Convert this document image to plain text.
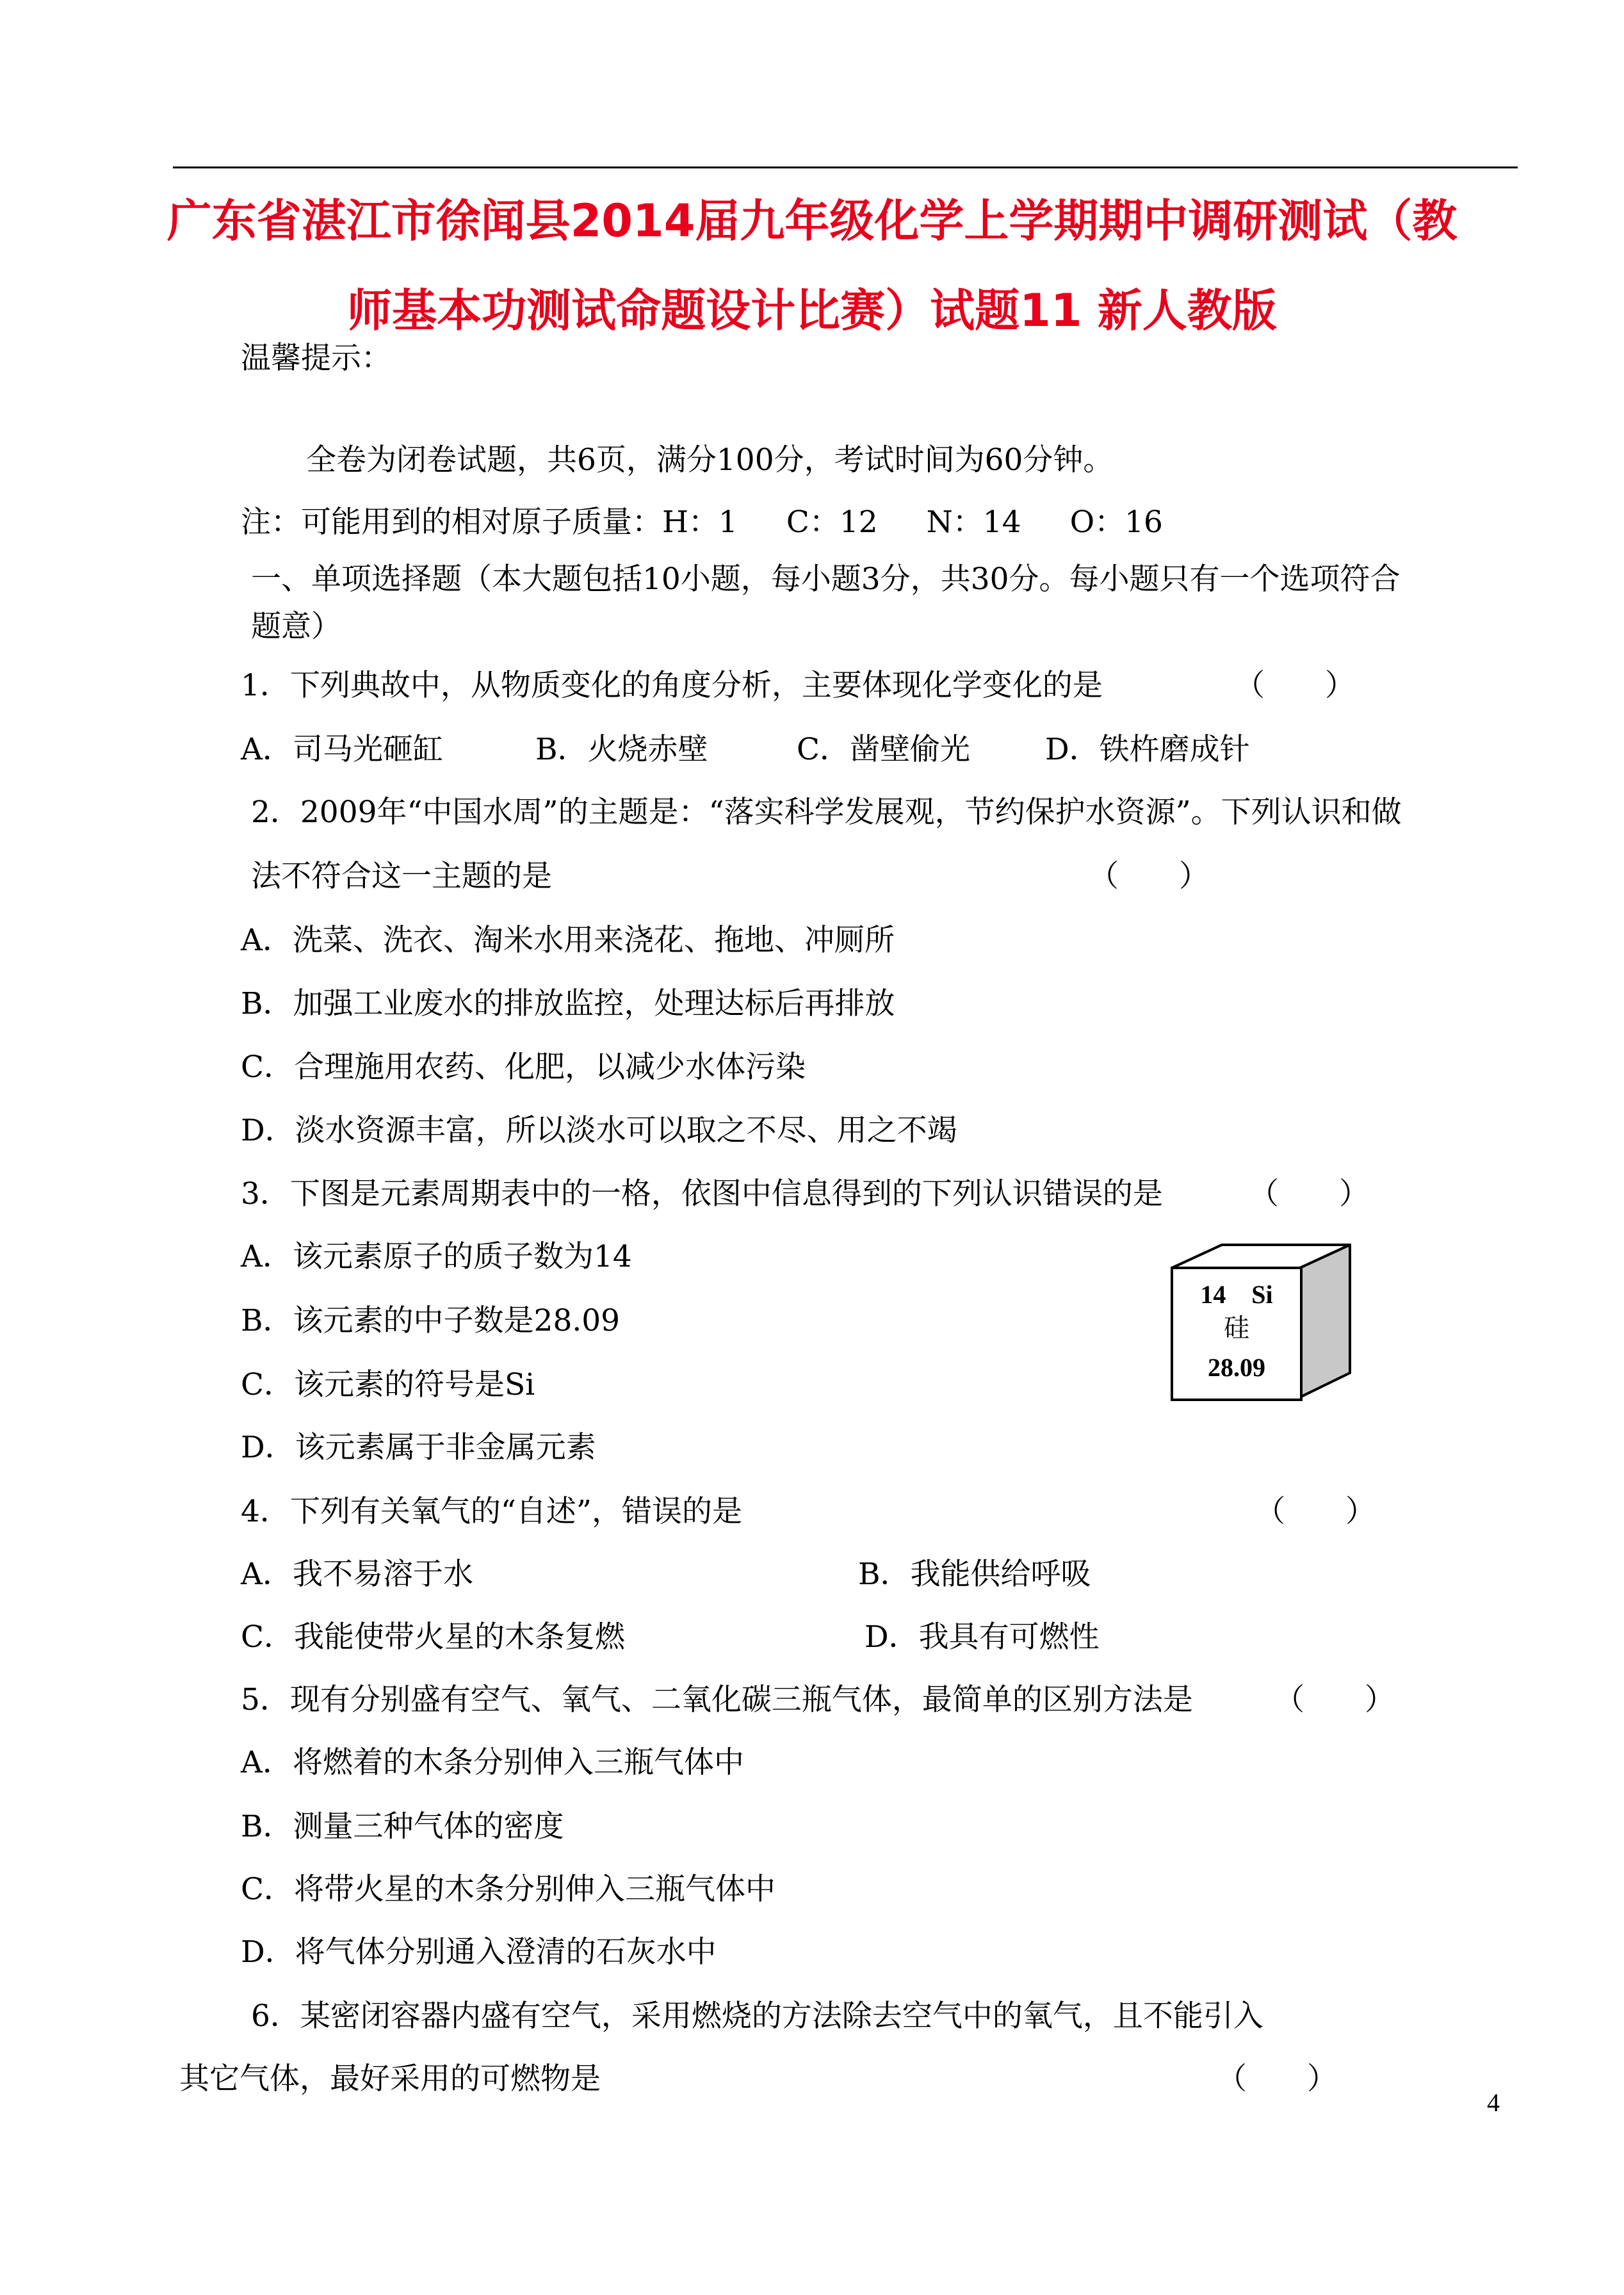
广东省湛江市徐闻县2014届九年级化学上学期期中调研测试（教
师基本功测试命题设计比赛）试题11 新人教版
温馨提示：
全卷为闭卷试题，共6页，满分100分，考试时间为60分钟。
注：可能用到的相对原子质量：H：1 C：12 N：14 O：16
一、单项选择题（本大题包括10小题，每小题3分，共30分。每小题只有一个选项符合
题意）
1．下列典故中，从物质变化的角度分析，主要体现化学变化的是	（　　）
A．司马光砸缸	B．火烧赤壁	C．凿壁偷光 D．铁杵磨成针
2．2009年“中国水周”的主题是：“落实科学发展观，节约保护水资源”。下列认识和做
法不符合这一主题的是	（　　）
A．洗菜、洗衣、淘米水用来浇花、拖地、冲厕所
B．加强工业废水的排放监控，处理达标后再排放
C．合理施用农药、化肥，以减少水体污染
D．淡水资源丰富，所以淡水可以取之不尽、用之不竭
3．下图是元素周期表中的一格，依图中信息得到的下列认识错误的是	（　　）
A．该元素原子的质子数为14
B．该元素的中子数是28.09
C．该元素的符号是Si
D．该元素属于非金属元素
14　Si
硅
28.09
4．下列有关氧气的“自述”，错误的是	（　　）
A．我不易溶于水	B．我能供给呼吸
C．我能使带火星的木条复燃	D．我具有可燃性
5．现有分别盛有空气、氧气、二氧化碳三瓶气体，最简单的区别方法是	（　　）
A．将燃着的木条分别伸入三瓶气体中
B．测量三种气体的密度
C．将带火星的木条分别伸入三瓶气体中
D．将气体分别通入澄清的石灰水中
6．某密闭容器内盛有空气，采用燃烧的方法除去空气中的氧气，且不能引入
其它气体，最好采用的可燃物是	（　　）
4
